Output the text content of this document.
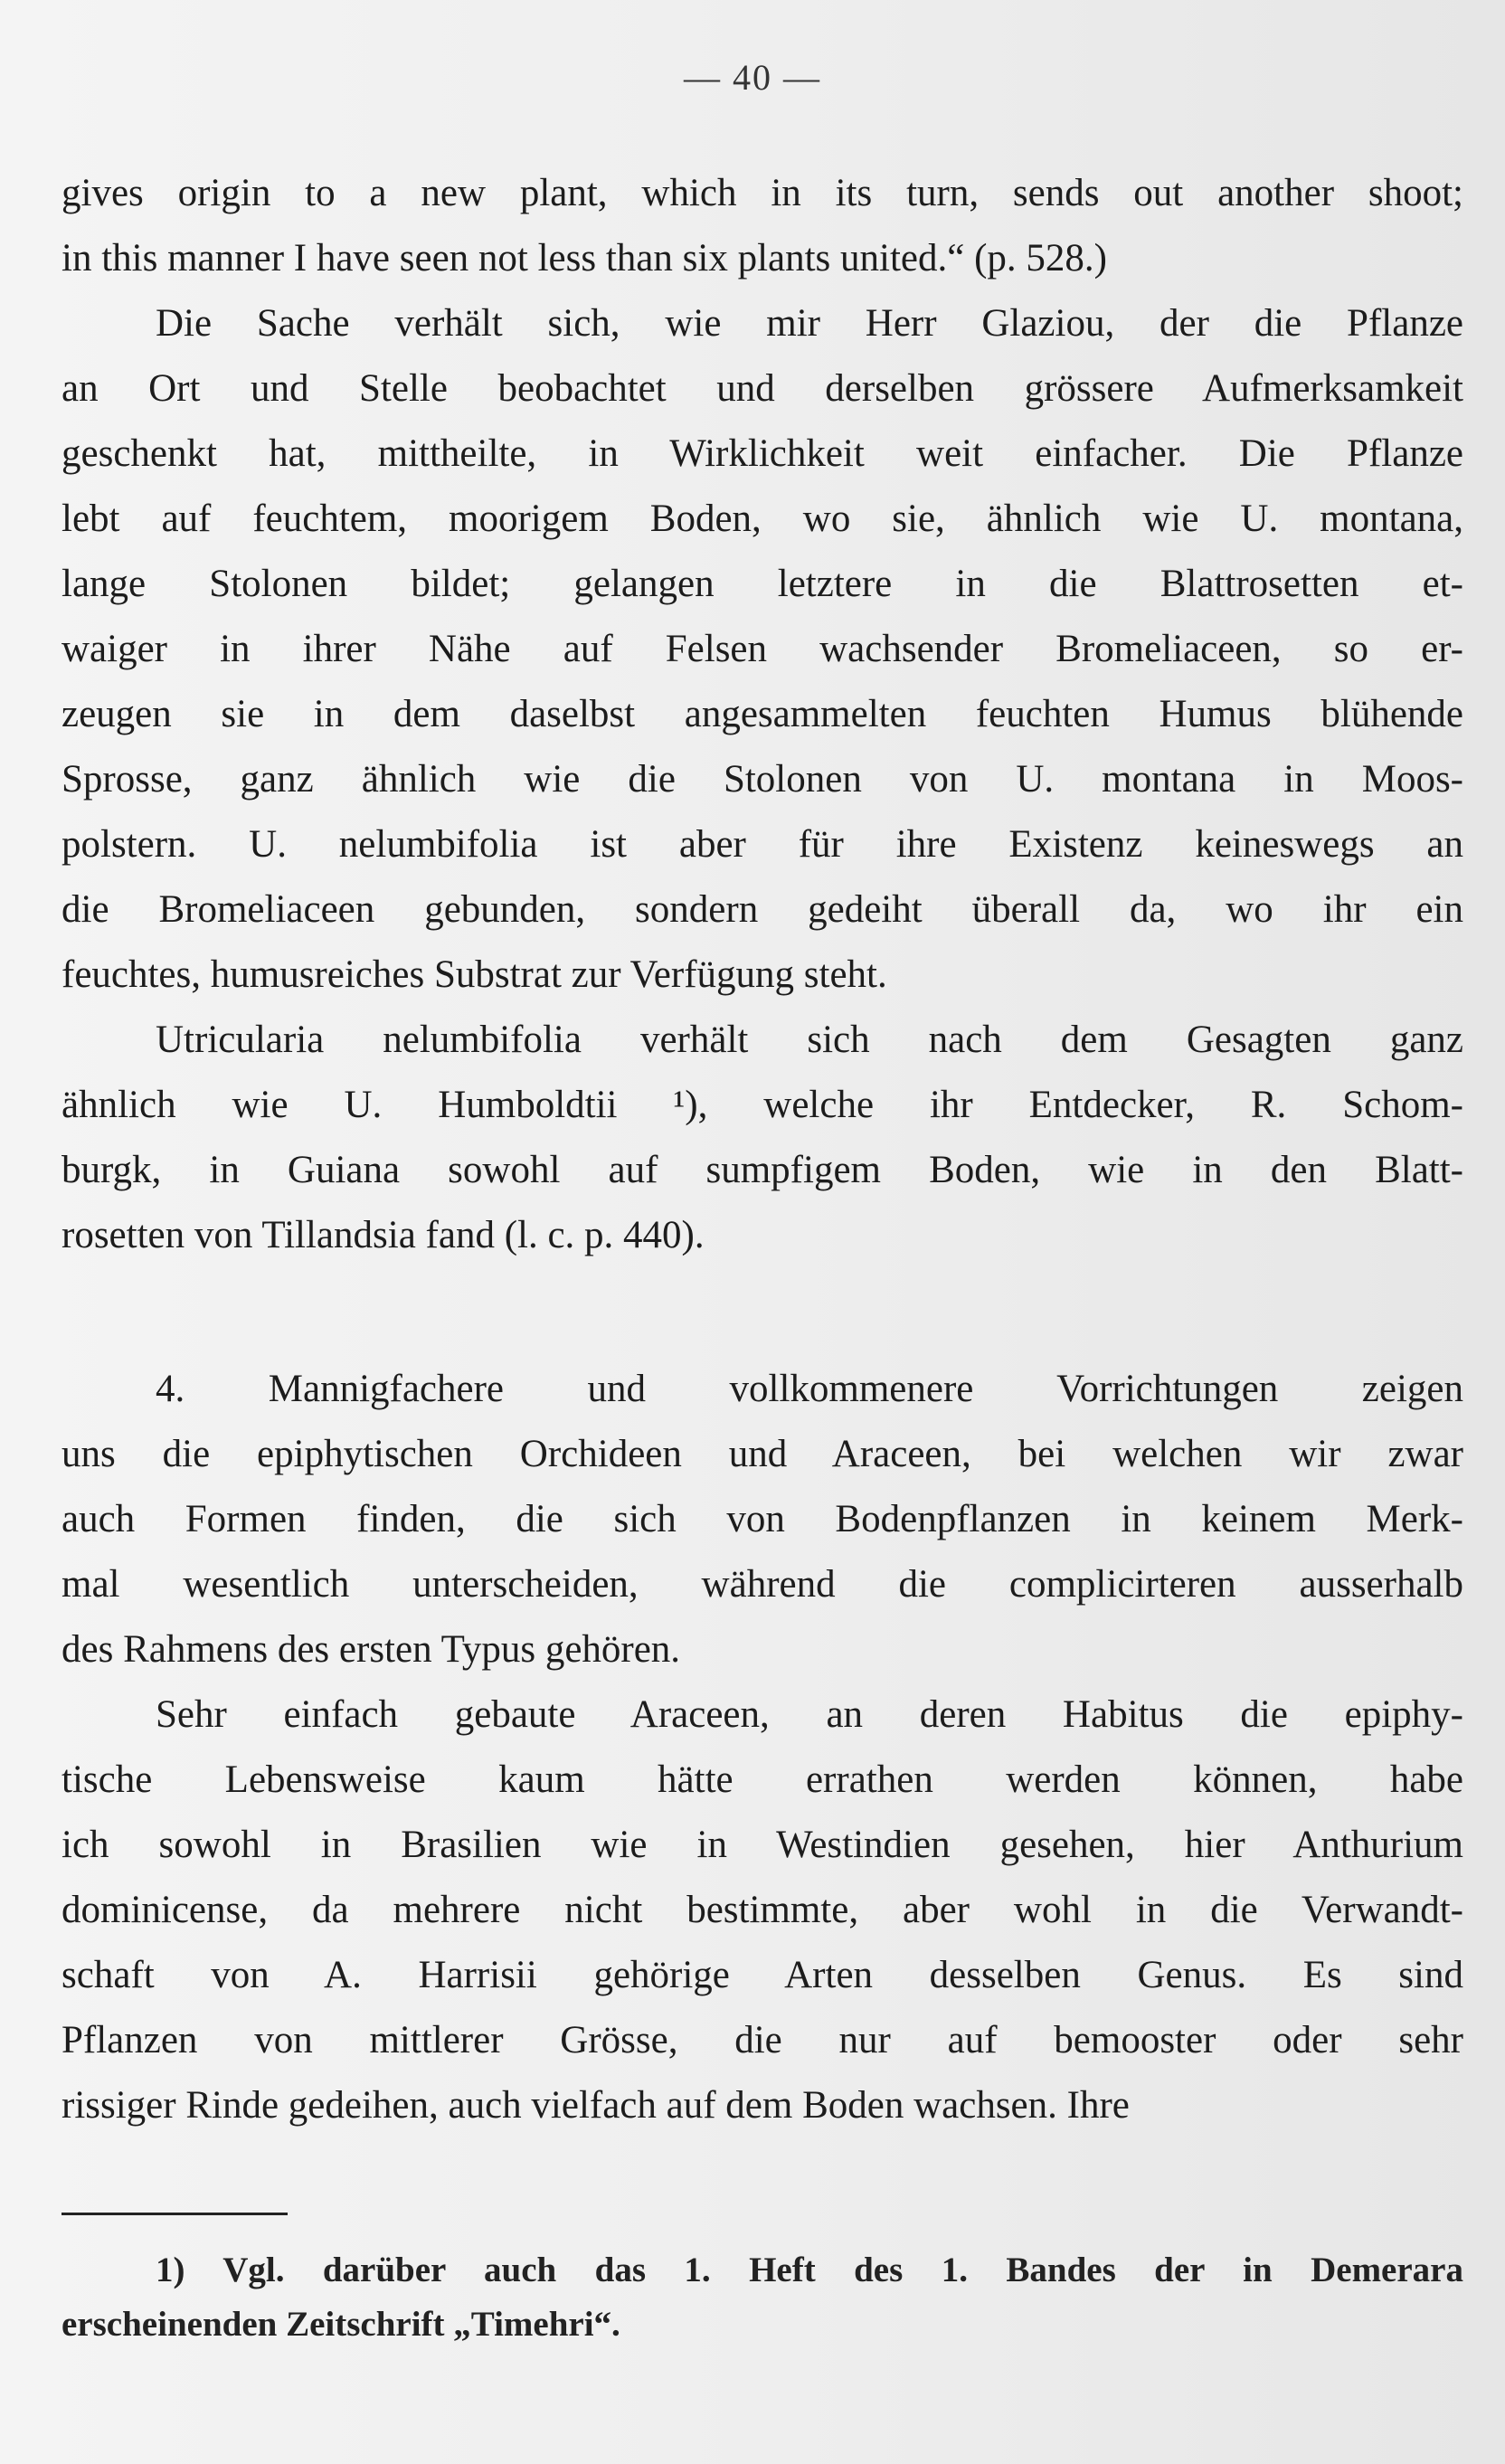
— 40 —
gives origin to a new plant, which in its turn, sends out another shoot;
in this manner I have seen not less than six plants united.“ (p. 528.)
Die Sache verhält sich, wie mir Herr Glaziou, der die Pflanze
an Ort und Stelle beobachtet und derselben grössere Aufmerksamkeit
geschenkt hat, mittheilte, in Wirklichkeit weit einfacher. Die Pflanze
lebt auf feuchtem, moorigem Boden, wo sie, ähnlich wie U. montana,
lange Stolonen bildet; gelangen letztere in die Blattrosetten et-
waiger in ihrer Nähe auf Felsen wachsender Bromeliaceen, so er-
zeugen sie in dem daselbst angesammelten feuchten Humus blühende
Sprosse, ganz ähnlich wie die Stolonen von U. montana in Moos-
polstern. U. nelumbifolia ist aber für ihre Existenz keineswegs an
die Bromeliaceen gebunden, sondern gedeiht überall da, wo ihr ein
feuchtes, humusreiches Substrat zur Verfügung steht.
Utricularia nelumbifolia verhält sich nach dem Gesagten ganz
ähnlich wie U. Humboldtii ¹), welche ihr Entdecker, R. Schom-
burgk, in Guiana sowohl auf sumpfigem Boden, wie in den Blatt-
rosetten von Tillandsia fand (l. c. p. 440).
4. Mannigfachere und vollkommenere Vorrichtungen zeigen
uns die epiphytischen Orchideen und Araceen, bei welchen wir zwar
auch Formen finden, die sich von Bodenpflanzen in keinem Merk-
mal wesentlich unterscheiden, während die complicirteren ausserhalb
des Rahmens des ersten Typus gehören.
Sehr einfach gebaute Araceen, an deren Habitus die epiphy-
tische Lebensweise kaum hätte errathen werden können, habe
ich sowohl in Brasilien wie in Westindien gesehen, hier Anthurium
dominicense, da mehrere nicht bestimmte, aber wohl in die Verwandt-
schaft von A. Harrisii gehörige Arten desselben Genus. Es sind
Pflanzen von mittlerer Grösse, die nur auf bemooster oder sehr
rissiger Rinde gedeihen, auch vielfach auf dem Boden wachsen. Ihre
1) Vgl. darüber auch das 1. Heft des 1. Bandes der in Demerara
erscheinenden Zeitschrift „Timehri“.
